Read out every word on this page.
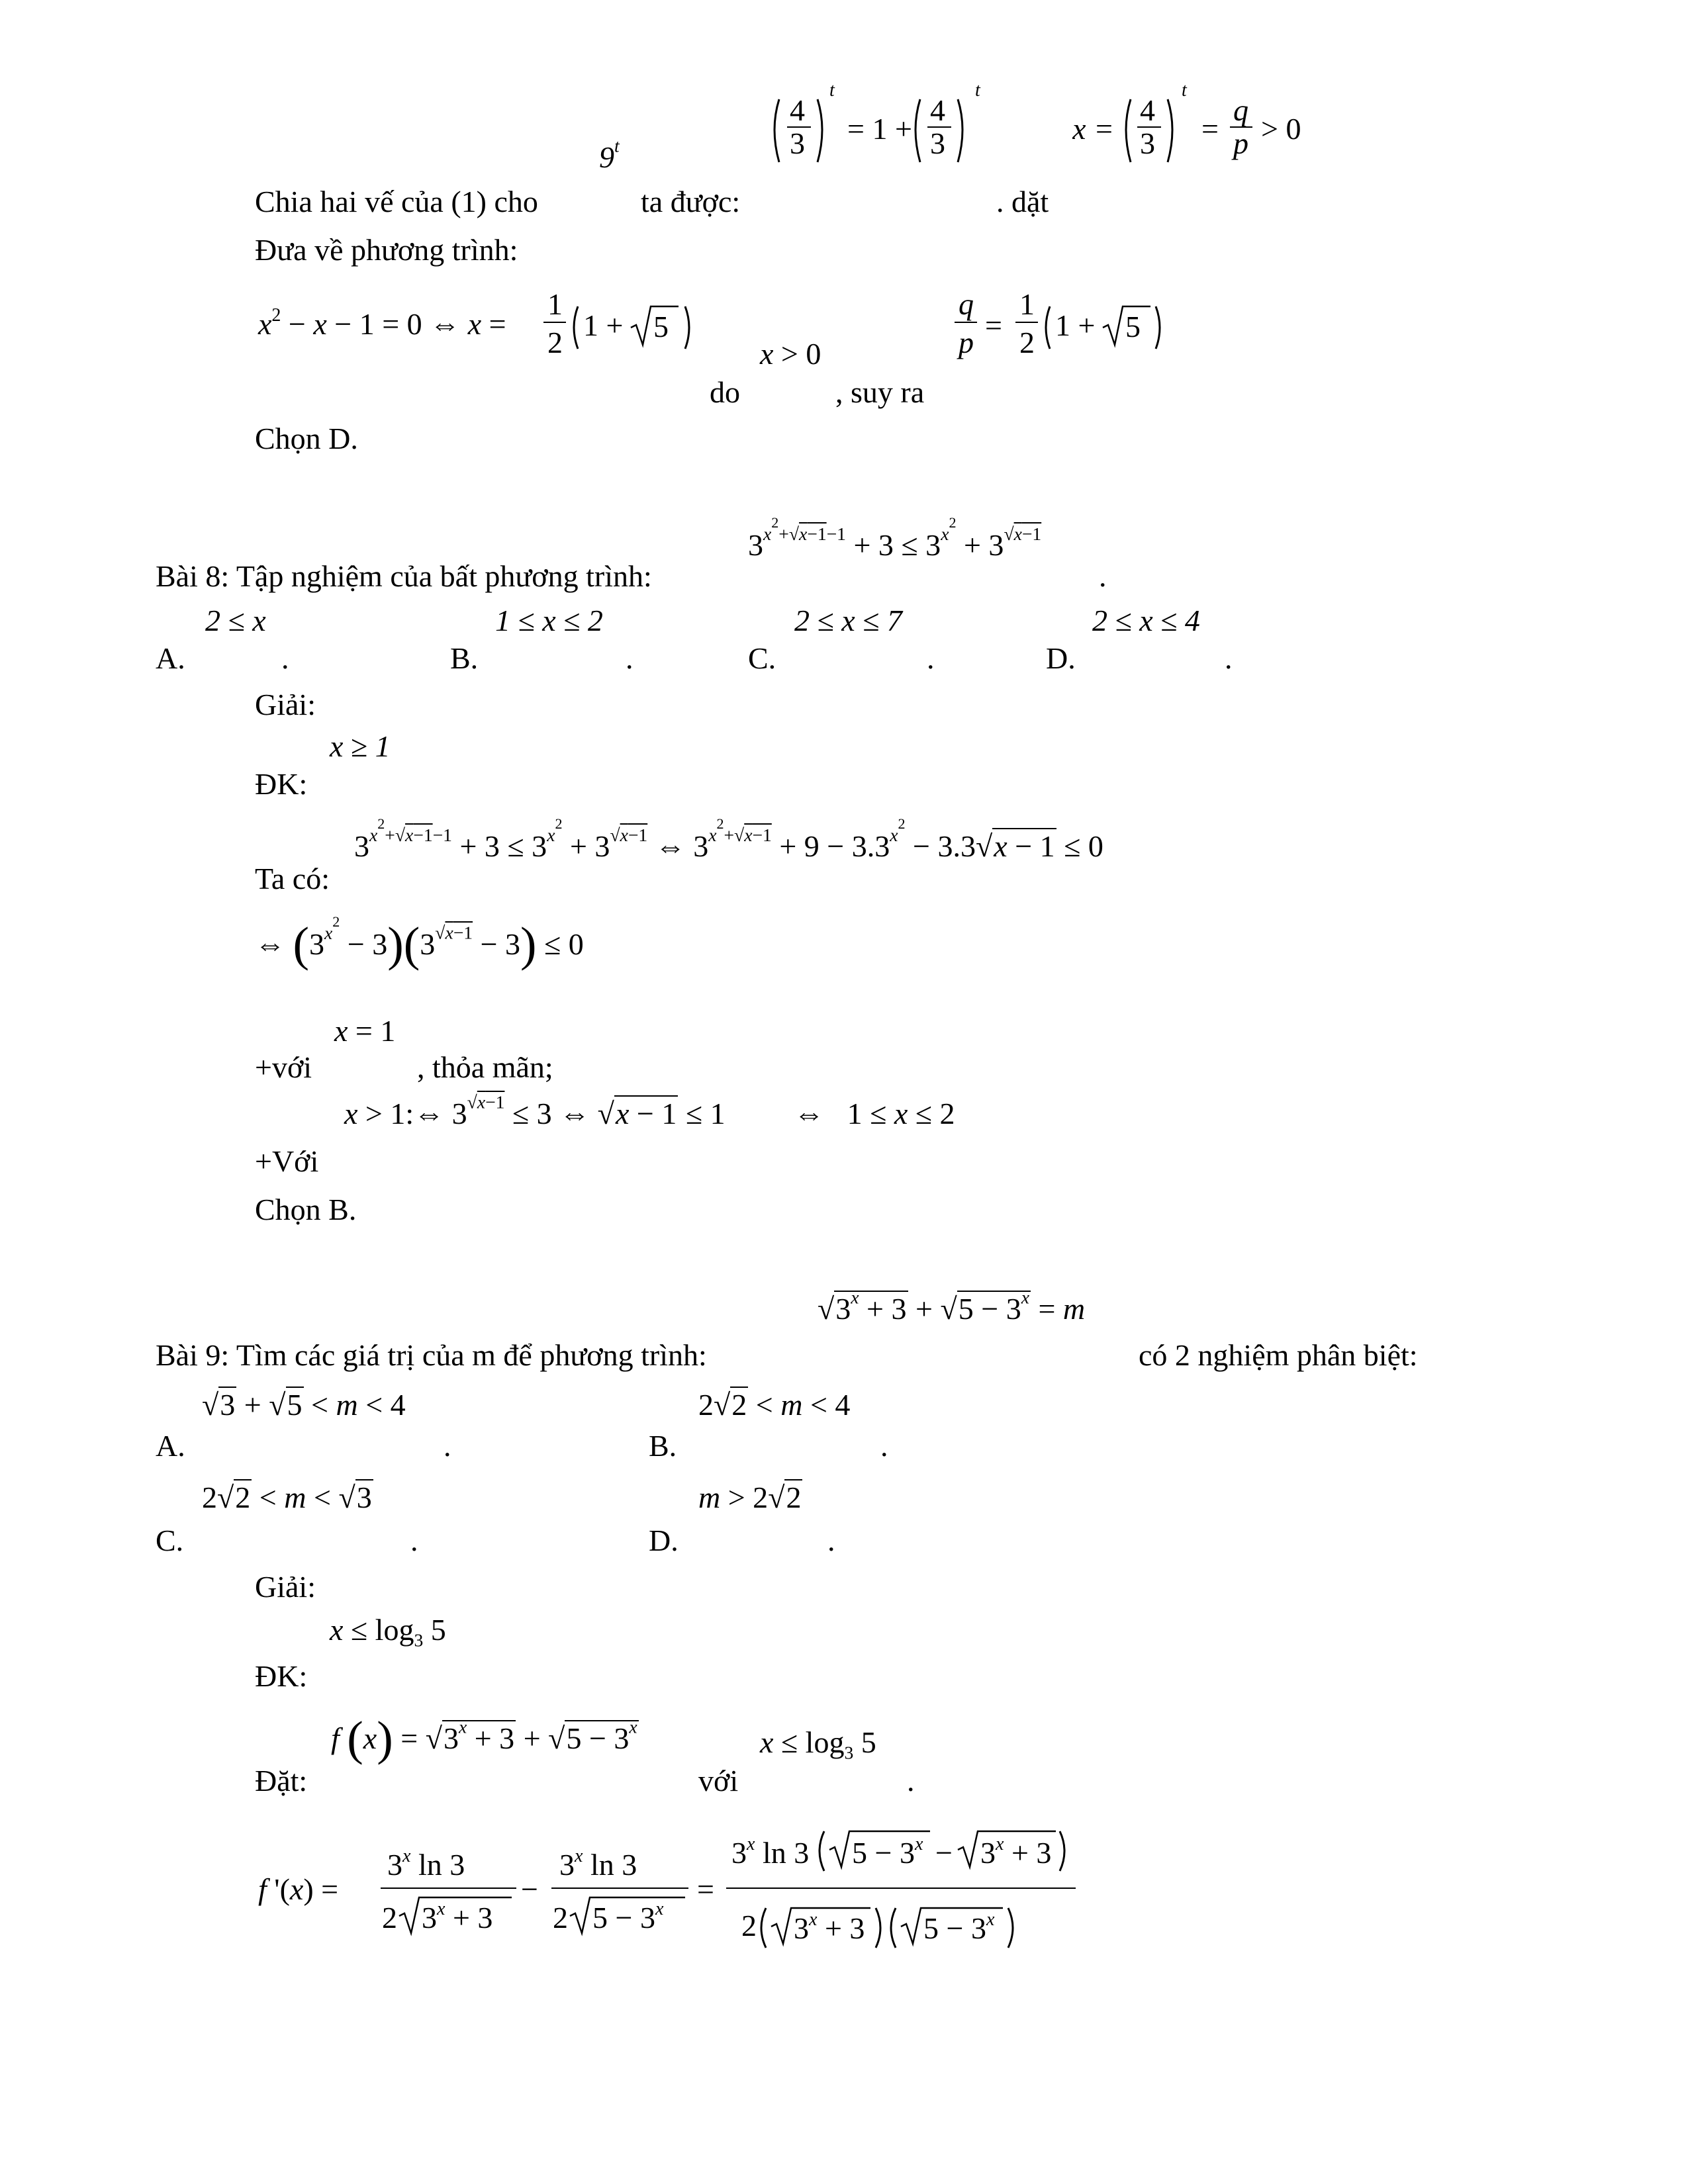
9$^t$
4
3
t
= 1 +
4
3
t
x =
4
3
t
=
q
p > 0
Chia hai vế của (1) cho	ta được:	. dặt
Đưa về phương trình:
$x^2 - x - 1 = 0$ ⇔ x =
1
2
1 + 5
x > 0
q
p
=
1
2
1 + 5
do	, suy ra
Chọn D.
$3^{x^2+√x-1-1} + 3 \le 3^{x^2} + 3^{√x-1}$
Bài 8: Tập nghiệm của bất phương trình:	.
2 ≤ x	1 ≤ x ≤ 2	2 ≤ x ≤ 7	2 ≤ x ≤ 4
A.	.	B.	.	C.	.	D.	.
Giải:
x ≥ 1
ĐK:
$3^{x^2+√x-1-1} + 3 \le 3^{x^2} + 3^{√x-1}$ ⇔ $3^{x^2+√x-1} + 9 - 3.3^{x^2} - 3.3$ √ x − 1 ≤ 0
Ta có:
⇔ $(3^{x^2} - 3)(3^{√x-1} - 3) \le 0$
x = 1
+với	, thỏa mãn;
x > 1:⇔ $3^{√x-1} \le 3$ ⇔ √ x − 1 ≤ 1         ⇔   1 ≤ x ≤ 2
+Với
Chọn B.
√ $3^x + 3$ + √ $5 - 3^x = m$
Bài 9: Tìm các giá trị của m để phương trình:	có 2 nghiệm phân biệt:
√ 3 + √ 5 < m < 4	2 √ 2 < m < 4
A.	.	B.	.
2 √ 2 < m < √ 3	m > 2 √ 2
C.	.	D.	.
Giải:
$x \le \log_3 5$
ĐK:
f (x) = √ $3^x + 3$ + √ $5 - 3^x$	$x \le \log_3 5$
Đặt:	với	.
f '(x) =
$3^x$ ln 3
2 $3^x + 3$
−
$3^x$ ln 3
2 $5 - 3^x$
=
$3^x$ ln 3 $5 - 3^x - 3^x + 3$
2 $3^x + 3$ $5 - 3^x$
